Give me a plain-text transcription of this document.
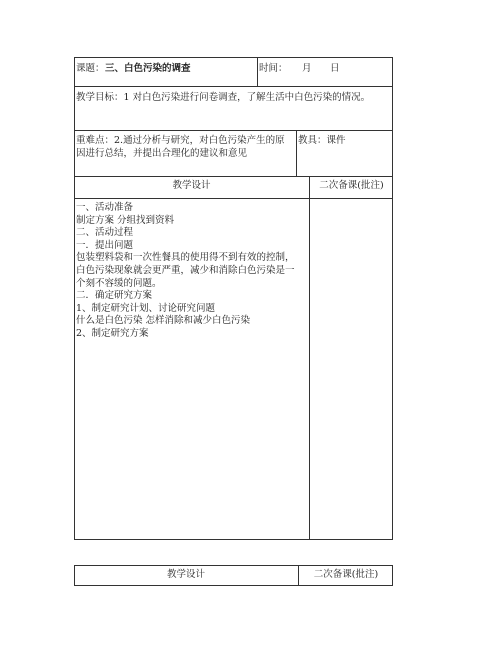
课题： 三、白色污染的调查	时间： 月 日
教学目标：1 对白色污染进行问卷调查，了解生活中白色污染的情况。
重难点：2.通过分析与研究，对白色污染产生的原
因进行总结，并提出合理化的建议和意见
教具：课件
教学设计	二次备课(批注)
一、活动准备
制定方案 分组找到资料
二、活动过程
一．提出问题
包装塑料袋和一次性餐具的使用得不到有效的控制，
白色污染现象就会更严重，减少和消除白色污染是一
个刻不容缓的问题。
二．确定研究方案
1、制定研究计划、讨论研究问题
什么是白色污染 怎样消除和减少白色污染
2、制定研究方案
教学设计	二次备课(批注)
